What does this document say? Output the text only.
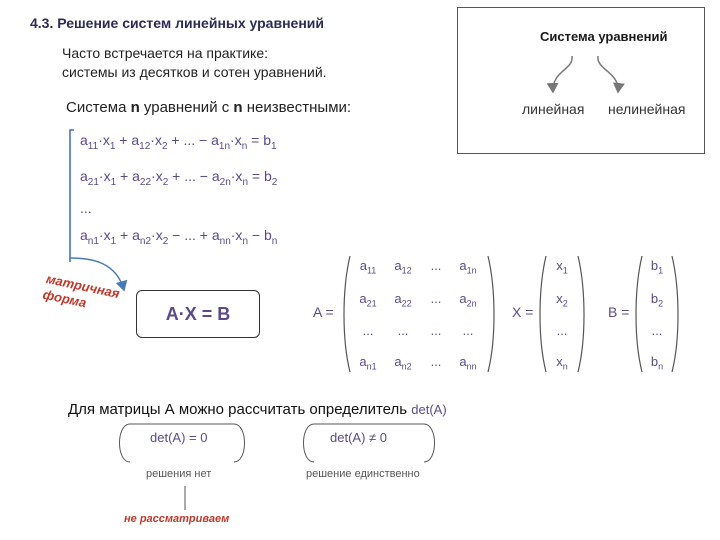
4.3. Решение систем линейных уравнений
Часто встречается на практике:
системы из десятков и сотен уравнений.
Система n уравнений с n неизвестными:
Система уравнений
линейная нелинейная
$a_{11}\cdot x_1 + a_{12}\cdot x_2$ + ... − $a_{1n}\cdot x_n = b_1$
$a_{21}\cdot x_1 + a_{22}\cdot x_2$ + ... − $a_{2n}\cdot x_n = b_2$
...
$a_{n1}\cdot x_1 + a_{n2}\cdot x_2$ − ... + $a_{nn}\cdot x_n - b_n$
матричная форма
A·X = B	A =	X =	B =
$a_{11}$	$a_{12}$	...	$a_{1n}$
$a_{21}$	$a_{22}$	...	$a_{2n}$
...	...	...	...
$a_{n1}$	$a_{n2}$	...	$a_{nn}$
$x_1$
$x_2$
...
$x_n$
$b_1$
$b_2$
...
$b_n$
Для матрицы А можно рассчитать определитель det(A)
det(A) = 0	det(A) ≠ 0
решения нет	решение единственно
не рассматриваем
